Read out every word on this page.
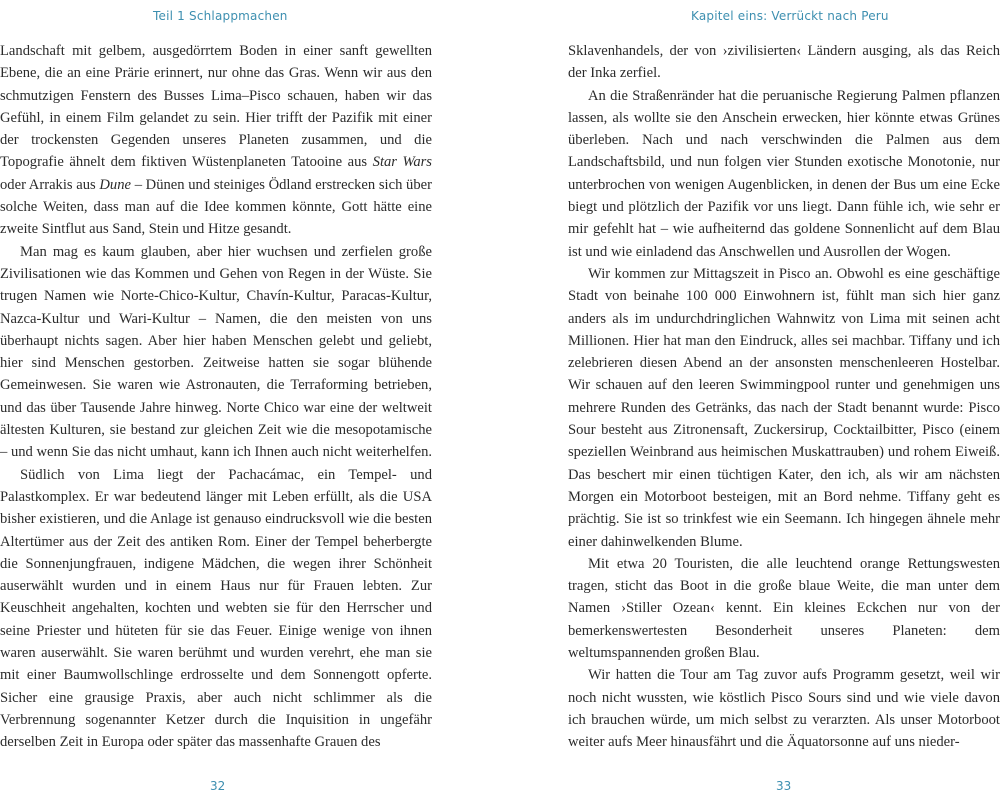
Teil 1 Schlappmachen

Landschaft mit gelbem, ausgedörrtem Boden in einer sanft gewellten Ebene, die an eine Prärie erinnert, nur ohne das Gras. Wenn wir aus den schmutzigen Fenstern des Busses Lima–Pisco schauen, haben wir das Gefühl, in einem Film gelandet zu sein. Hier trifft der Pazifik mit einer der trockensten Gegenden unseres Planeten zusammen, und die Topografie ähnelt dem fiktiven Wüstenplaneten Tatooine aus Star Wars oder Arrakis aus Dune – Dünen und steiniges Ödland erstrecken sich über solche Weiten, dass man auf die Idee kommen könnte, Gott hätte eine zweite Sintflut aus Sand, Stein und Hitze gesandt.

Man mag es kaum glauben, aber hier wuchsen und zerfielen große Zivilisationen wie das Kommen und Gehen von Regen in der Wüste. Sie trugen Namen wie Norte-Chico-Kultur, Chavín-Kultur, Paracas-Kultur, Nazca-Kultur und Wari-Kultur – Namen, die den meisten von uns überhaupt nichts sagen. Aber hier haben Menschen gelebt und geliebt, hier sind Menschen gestorben. Zeitweise hatten sie sogar blühende Gemeinwesen. Sie waren wie Astronauten, die Terraforming betrieben, und das über Tausende Jahre hinweg. Norte Chico war eine der weltweit ältesten Kulturen, sie bestand zur gleichen Zeit wie die mesopotamische – und wenn Sie das nicht umhaut, kann ich Ihnen auch nicht weiterhelfen.

Südlich von Lima liegt der Pachacámac, ein Tempel- und Palastkomplex. Er war bedeutend länger mit Leben erfüllt, als die USA bisher existieren, und die Anlage ist genauso eindrucksvoll wie die besten Altertümer aus der Zeit des antiken Rom. Einer der Tempel beherbergte die Sonnenjungfrauen, indigene Mädchen, die wegen ihrer Schönheit auserwählt wurden und in einem Haus nur für Frauen lebten. Zur Keuschheit angehalten, kochten und webten sie für den Herrscher und seine Priester und hüteten für sie das Feuer. Einige wenige von ihnen waren auserwählt. Sie waren berühmt und wurden verehrt, ehe man sie mit einer Baumwollschlinge erdrosselte und dem Sonnengott opferte. Sicher eine grausige Praxis, aber auch nicht schlimmer als die Verbrennung sogenannter Ketzer durch die Inquisition in ungefähr derselben Zeit in Europa oder später das massenhafte Grauen des

32
Kapitel eins: Verrückt nach Peru

Sklavenhandels, der von ›zivilisierten‹ Ländern ausging, als das Reich der Inka zerfiel.

An die Straßenränder hat die peruanische Regierung Palmen pflanzen lassen, als wollte sie den Anschein erwecken, hier könnte etwas Grünes überleben. Nach und nach verschwinden die Palmen aus dem Landschaftsbild, und nun folgen vier Stunden exotische Monotonie, nur unterbrochen von wenigen Augenblicken, in denen der Bus um eine Ecke biegt und plötzlich der Pazifik vor uns liegt. Dann fühle ich, wie sehr er mir gefehlt hat – wie aufheiternd das goldene Sonnenlicht auf dem Blau ist und wie einladend das Anschwellen und Ausrollen der Wogen.

Wir kommen zur Mittagszeit in Pisco an. Obwohl es eine geschäftige Stadt von beinahe 100 000 Einwohnern ist, fühlt man sich hier ganz anders als im undurchdringlichen Wahnwitz von Lima mit seinen acht Millionen. Hier hat man den Eindruck, alles sei machbar. Tiffany und ich zelebrieren diesen Abend an der ansonsten menschenleeren Hostelbar. Wir schauen auf den leeren Swimmingpool runter und genehmigen uns mehrere Runden des Getränks, das nach der Stadt benannt wurde: Pisco Sour besteht aus Zitronensaft, Zuckersirup, Cocktailbitter, Pisco (einem speziellen Weinbrand aus heimischen Muskattrauben) und rohem Eiweiß. Das beschert mir einen tüchtigen Kater, den ich, als wir am nächsten Morgen ein Motorboot besteigen, mit an Bord nehme. Tiffany geht es prächtig. Sie ist so trinkfest wie ein Seemann. Ich hingegen ähnele mehr einer dahinwelkenden Blume.

Mit etwa 20 Touristen, die alle leuchtend orange Rettungswesten tragen, sticht das Boot in die große blaue Weite, die man unter dem Namen ›Stiller Ozean‹ kennt. Ein kleines Eckchen nur von der bemerkenswertesten Besonderheit unseres Planeten: dem weltumspannenden großen Blau.

Wir hatten die Tour am Tag zuvor aufs Programm gesetzt, weil wir noch nicht wussten, wie köstlich Pisco Sours sind und wie viele davon ich brauchen würde, um mich selbst zu verarzten. Als unser Motorboot weiter aufs Meer hinausfährt und die Äquatorsonne auf uns nieder-

33
